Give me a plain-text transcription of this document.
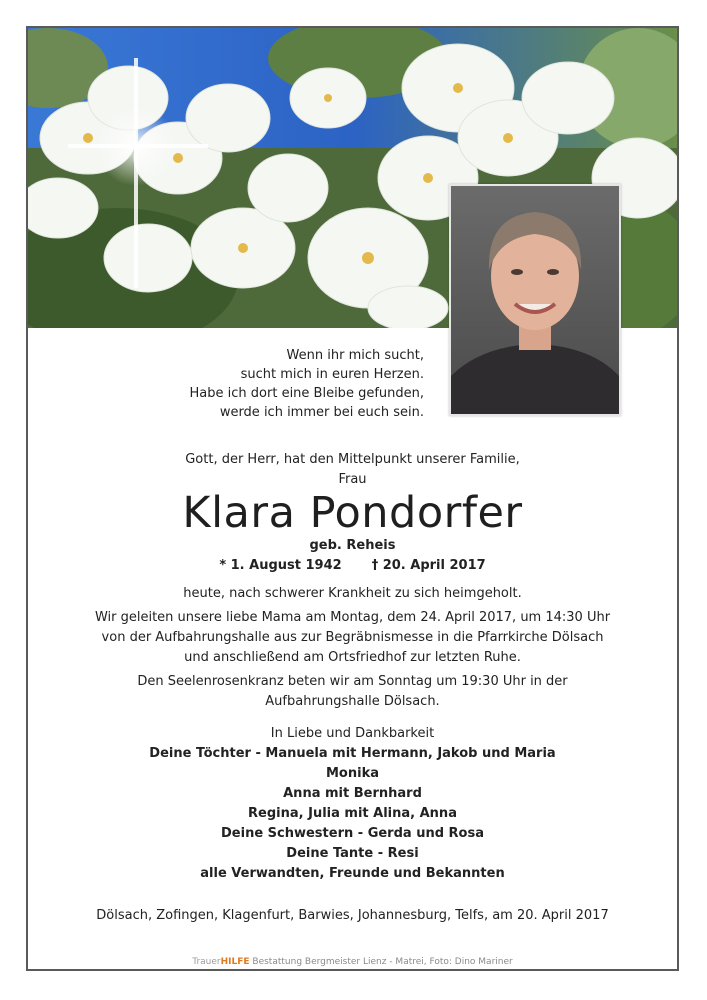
Wenn ihr mich sucht,
sucht mich in euren Herzen.
Habe ich dort eine Bleibe gefunden,
werde ich immer bei euch sein.
Gott, der Herr, hat den Mittelpunkt unserer Familie,
Frau
Klara Pondorfer
geb. Reheis
* 1. August 1942 † 20. April 2017
heute, nach schwerer Krankheit zu sich heimgeholt.
Wir geleiten unsere liebe Mama am Montag, dem 24. April 2017, um 14:30 Uhr
von der Aufbahrungshalle aus zur Begräbnismesse in die Pfarrkirche Dölsach
und anschließend am Ortsfriedhof zur letzten Ruhe.
Den Seelenrosenkranz beten wir am Sonntag um 19:30 Uhr in der
Aufbahrungshalle Dölsach.
In Liebe und Dankbarkeit
Deine Töchter - Manuela mit Hermann, Jakob und Maria
Monika
Anna mit Bernhard
Regina, Julia mit Alina, Anna
Deine Schwestern - Gerda und Rosa
Deine Tante - Resi
alle Verwandten, Freunde und Bekannten
Dölsach, Zofingen, Klagenfurt, Barwies, Johannesburg, Telfs, am 20. April 2017
TrauerHILFE Bestattung Bergmeister Lienz - Matrei, Foto: Dino Mariner
